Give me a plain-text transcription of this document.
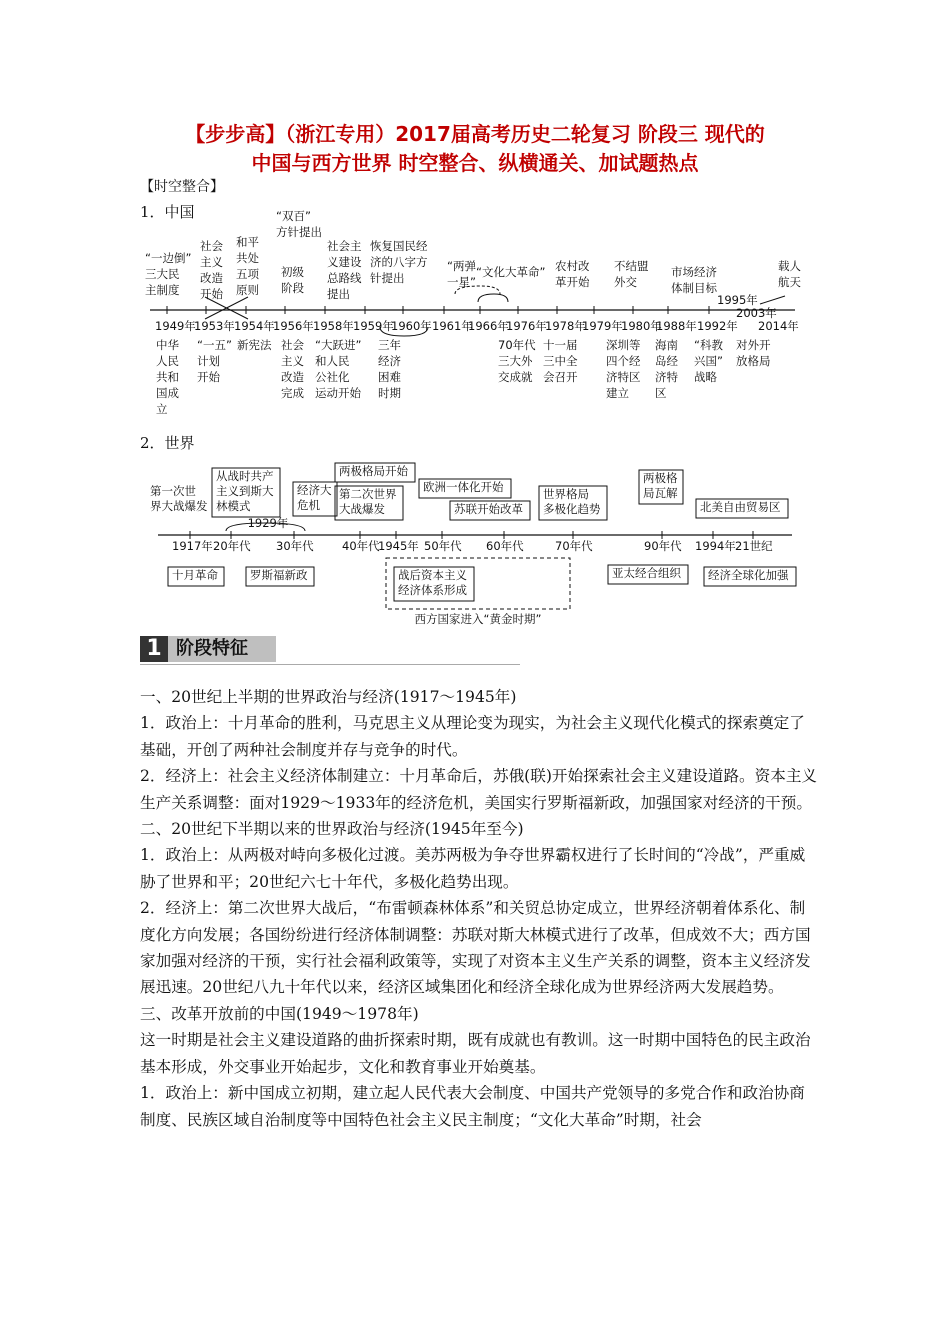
【步步高】（浙江专用）2017届高考历史二轮复习 阶段三 现代的
中国与西方世界 时空整合、纵横通关、加试题热点
【时空整合】
1．中国
1949年
1953年 1954年
1956年 1958年 1959年
1960年 1961年
1966年
1976年
1978年
1979年
1980年
1988年 1992年
1995年
2003年
2014年
“一边倒”
三大民
主制度
社会
主义
改造
开始
和平
共处
五项
原则
“双百”
方针提出
初级
阶段
社会主
义建设
总路线
提出
恢复国民经
济的八字方
针提出
“两弹
一星”
“文化大革命” 农村改
革开始
不结盟
外交
市场经济
体制目标
载人
航天
中华
人民
共和
国成
立
“一五”
计划
开始
新宪法 社会
主义
改造
完成
“大跃进”
和人民
公社化
运动开始
三年
经济
困难
时期
70年代
三大外
交成就
十一届
三中全
会召开
深圳等
四个经
济特区
建立
海南
岛经
济特
区
“科教
兴国”
战略
对外开
放格局
2．世界
1917年 20年代 30年代 40年代
1945年 50年代 60年代	70年代	90年代 1994年 21世纪
1929年
第一次世
界大战爆发
从战时共产
主义到斯大
林模式
经济大
危机
两极格局开始
第二次世界
大战爆发
欧洲一体化开始
苏联开始改革
世界格局
多极化趋势
两极格
局瓦解
北美自由贸易区
十月革命	罗斯福新政	战后资本主义
经济体系形成
亚太经合组织 经济全球化加强
西方国家进入“黄金时期”
1 阶段特征

一、20世纪上半期的世界政治与经济(1917～1945年)

1．政治上：十月革命的胜利，马克思主义从理论变为现实，为社会主义现代化模式的探索奠定了基础，开创了两种社会制度并存与竞争的时代。

2．经济上：社会主义经济体制建立：十月革命后，苏俄(联)开始探索社会主义建设道路。资本主义生产关系调整：面对1929～1933年的经济危机，美国实行罗斯福新政，加强国家对经济的干预。

二、20世纪下半期以来的世界政治与经济(1945年至今)

1．政治上：从两极对峙向多极化过渡。美苏两极为争夺世界霸权进行了长时间的“冷战”，严重威胁了世界和平；20世纪六七十年代，多极化趋势出现。

2．经济上：第二次世界大战后，“布雷顿森林体系”和关贸总协定成立，世界经济朝着体系化、制度化方向发展；各国纷纷进行经济体制调整：苏联对斯大林模式进行了改革，但成效不大；西方国家加强对经济的干预，实行社会福利政策等，实现了对资本主义生产关系的调整，资本主义经济发展迅速。20世纪八九十年代以来，经济区域集团化和经济全球化成为世界经济两大发展趋势。

三、改革开放前的中国(1949～1978年)

这一时期是社会主义建设道路的曲折探索时期，既有成就也有教训。这一时期中国特色的民主政治基本形成，外交事业开始起步，文化和教育事业开始奠基。

1．政治上：新中国成立初期，建立起人民代表大会制度、中国共产党领导的多党合作和政治协商制度、民族区域自治制度等中国特色社会主义民主制度；“文化大革命”时期，社会
